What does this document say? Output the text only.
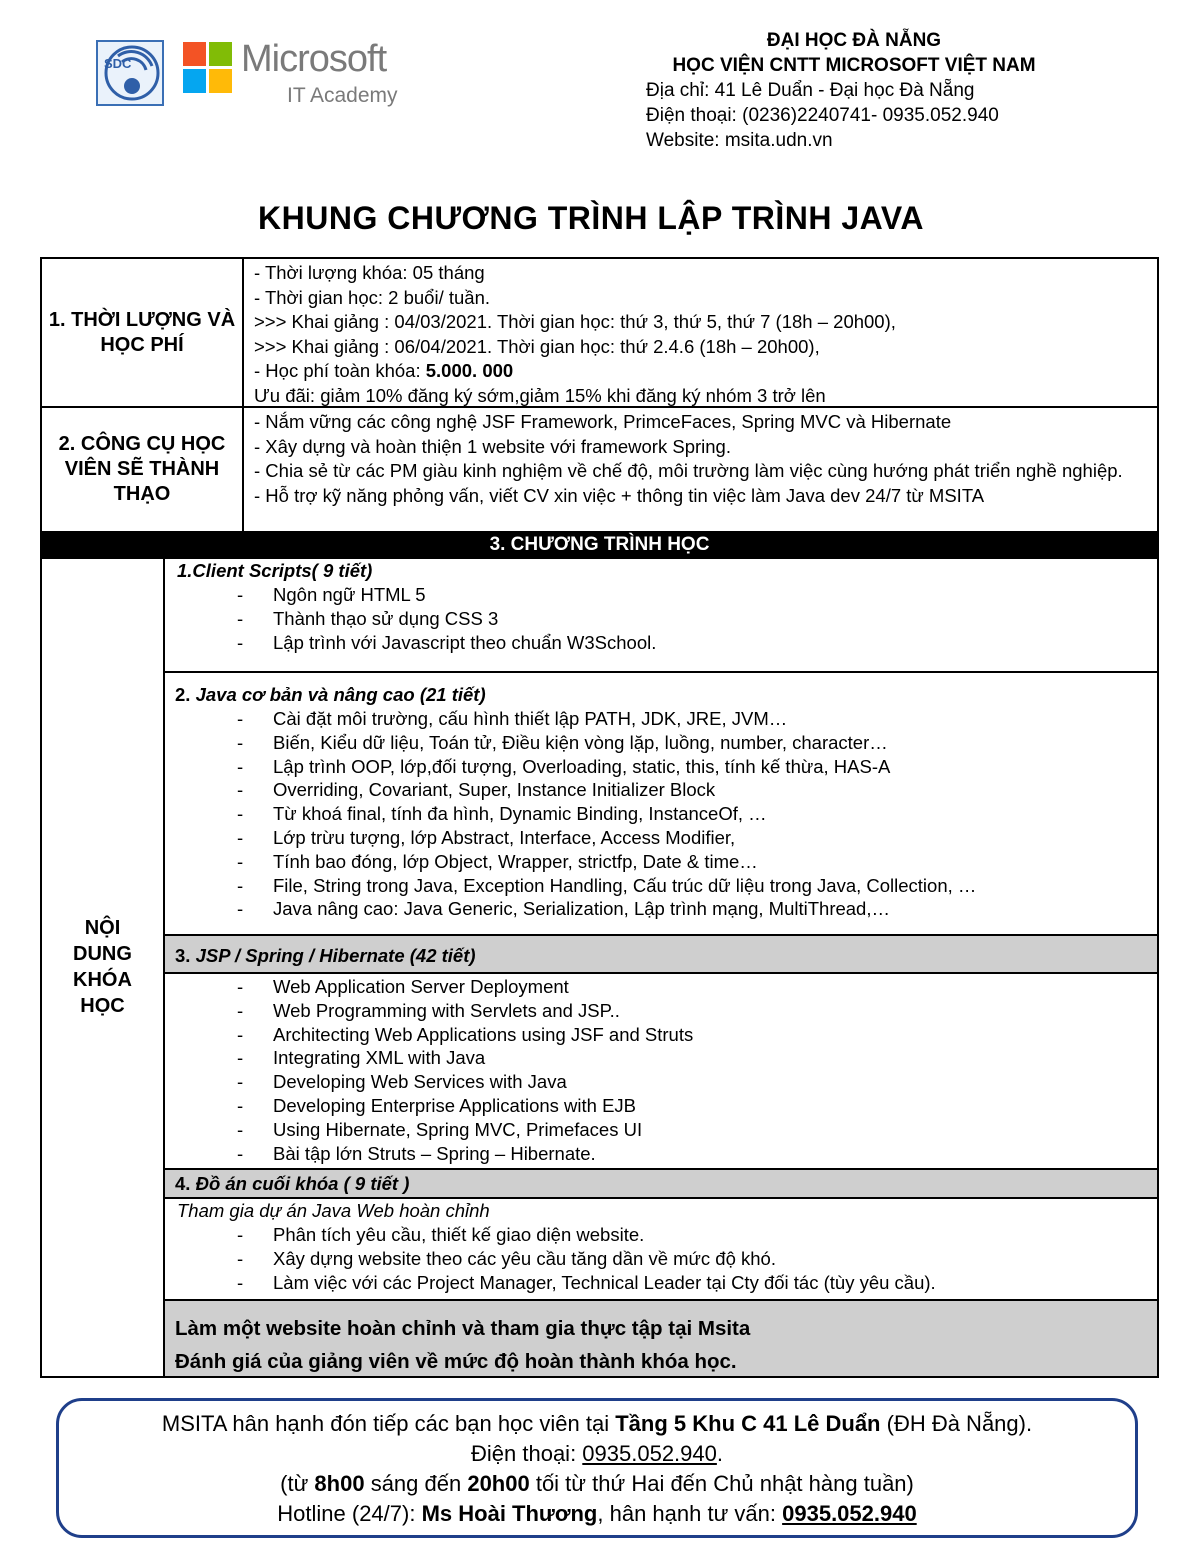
SDC	Microsoft
IT Academy
ĐẠI HỌC ĐÀ NẴNG
HỌC VIỆN CNTT MICROSOFT VIỆT NAM
Địa chỉ: 41 Lê Duẩn - Đại học Đà Nẵng
Điện thoại: (0236)2240741- 0935.052.940
Website: msita.udn.vn
KHUNG CHƯƠNG TRÌNH LẬP TRÌNH JAVA
1. THỜI LƯỢNG VÀ HỌC PHÍ

- Thời lượng khóa: 05 tháng

- Thời gian học: 2 buổi/ tuần.

>>> Khai giảng : 04/03/2021. Thời gian học: thứ 3, thứ 5, thứ 7 (18h – 20h00),

>>> Khai giảng : 06/04/2021. Thời gian học: thứ 2.4.6 (18h – 20h00),

- Học phí toàn khóa: 5.000. 000

Ưu đãi: giảm 10% đăng ký sớm,giảm 15% khi đăng ký nhóm 3 trở lên

2. CÔNG CỤ HỌC VIÊN SẼ THÀNH THẠO

- Nắm vững các công nghệ JSF Framework, PrimceFaces, Spring MVC và Hibernate

- Xây dựng và hoàn thiện 1 website với framework Spring.

- Chia sẻ từ các PM giàu kinh nghiệm về chế độ, môi trường làm việc cùng hướng phát triển nghề nghiệp.

- Hỗ trợ kỹ năng phỏng vấn, viết CV xin việc + thông tin việc làm Java dev 24/7 từ MSITA

3. CHƯƠNG TRÌNH HỌC
NỘI DUNG KHÓA HỌC
1.Client Scripts( 9 tiết)
- Ngôn ngữ HTML 5
- Thành thạo sử dụng CSS 3
- Lập trình với Javascript theo chuẩn W3School.
2. Java cơ bản và nâng cao (21 tiết)
- Cài đặt môi trường, cấu hình thiết lập PATH, JDK, JRE, JVM…
- Biến, Kiểu dữ liệu, Toán tử, Điều kiện vòng lặp, luồng, number, character…
- Lập trình OOP, lớp,đối tượng, Overloading, static, this, tính kế thừa, HAS-A
- Overriding, Covariant, Super, Instance Initializer Block
- Từ khoá final, tính đa hình, Dynamic Binding, InstanceOf, …
- Lớp trừu tượng, lớp Abstract, Interface, Access Modifier,
- Tính bao đóng, lớp Object, Wrapper, strictfp, Date & time…
- File, String trong Java, Exception Handling, Cấu trúc dữ liệu trong Java, Collection, …
- Java nâng cao: Java Generic, Serialization, Lập trình mạng, MultiThread,…
3. JSP / Spring / Hibernate (42 tiết)
- Web Application Server Deployment
- Web Programming with Servlets and JSP..
- Architecting Web Applications using JSF and Struts
- Integrating XML with Java
- Developing Web Services with Java
- Developing Enterprise Applications with EJB
- Using Hibernate, Spring MVC, Primefaces UI
- Bài tập lớn Struts – Spring – Hibernate.
4. Đồ án cuối khóa ( 9 tiết )
Tham gia dự án Java Web hoàn chỉnh
- Phân tích yêu cầu, thiết kế giao diện website.
- Xây dựng website theo các yêu cầu tăng dần về mức độ khó.
- Làm việc với các Project Manager, Technical Leader tại Cty đối tác (tùy yêu cầu).
Làm một website hoàn chỉnh và tham gia thực tập tại Msita
Đánh giá của giảng viên về mức độ hoàn thành khóa học.

MSITA hân hạnh đón tiếp các bạn học viên tại Tầng 5 Khu C 41 Lê Duẩn (ĐH Đà Nẵng).

Điện thoại: 0935.052.940.

(từ 8h00 sáng đến 20h00 tối từ thứ Hai đến Chủ nhật hàng tuần)

Hotline (24/7): Ms Hoài Thương, hân hạnh tư vấn: 0935.052.940
